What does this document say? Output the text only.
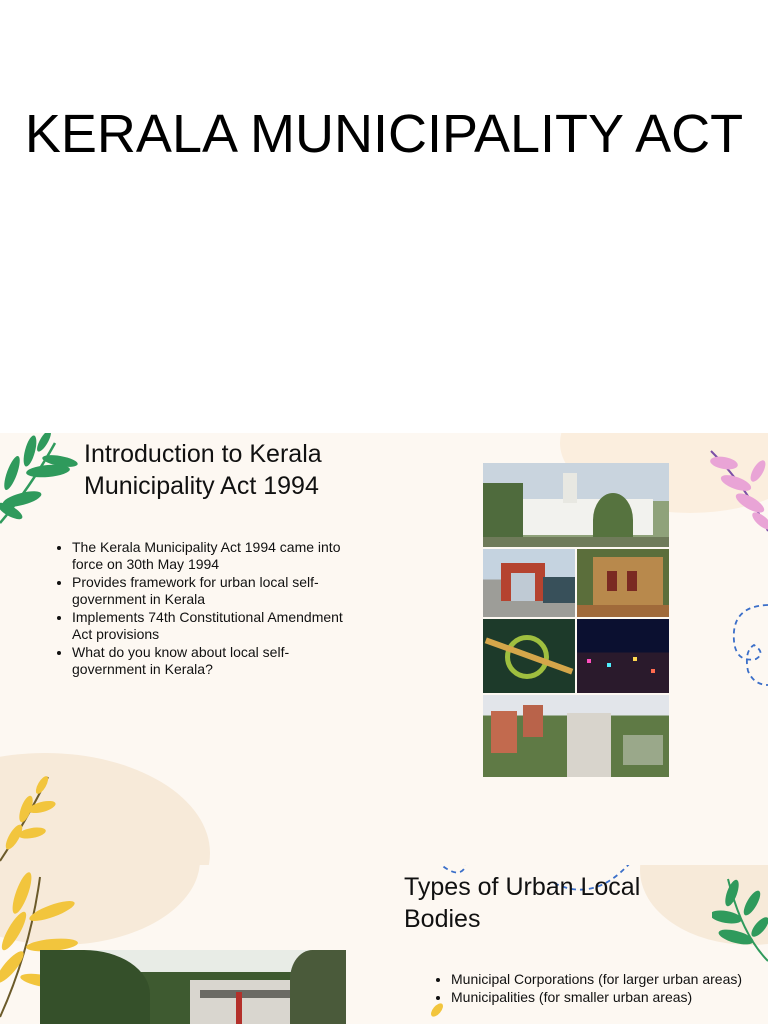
KERALA MUNICIPALITY ACT
Introduction to Kerala Municipality Act 1994
• The Kerala Municipality Act 1994 came into force on 30th May 1994
• Provides framework for urban local self-government in Kerala
• Implements 74th Constitutional Amendment Act provisions
• What do you know about local self-government in Kerala?
Types of Urban Local Bodies
• Municipal Corporations (for larger urban areas)
• Municipalities (for smaller urban areas)
